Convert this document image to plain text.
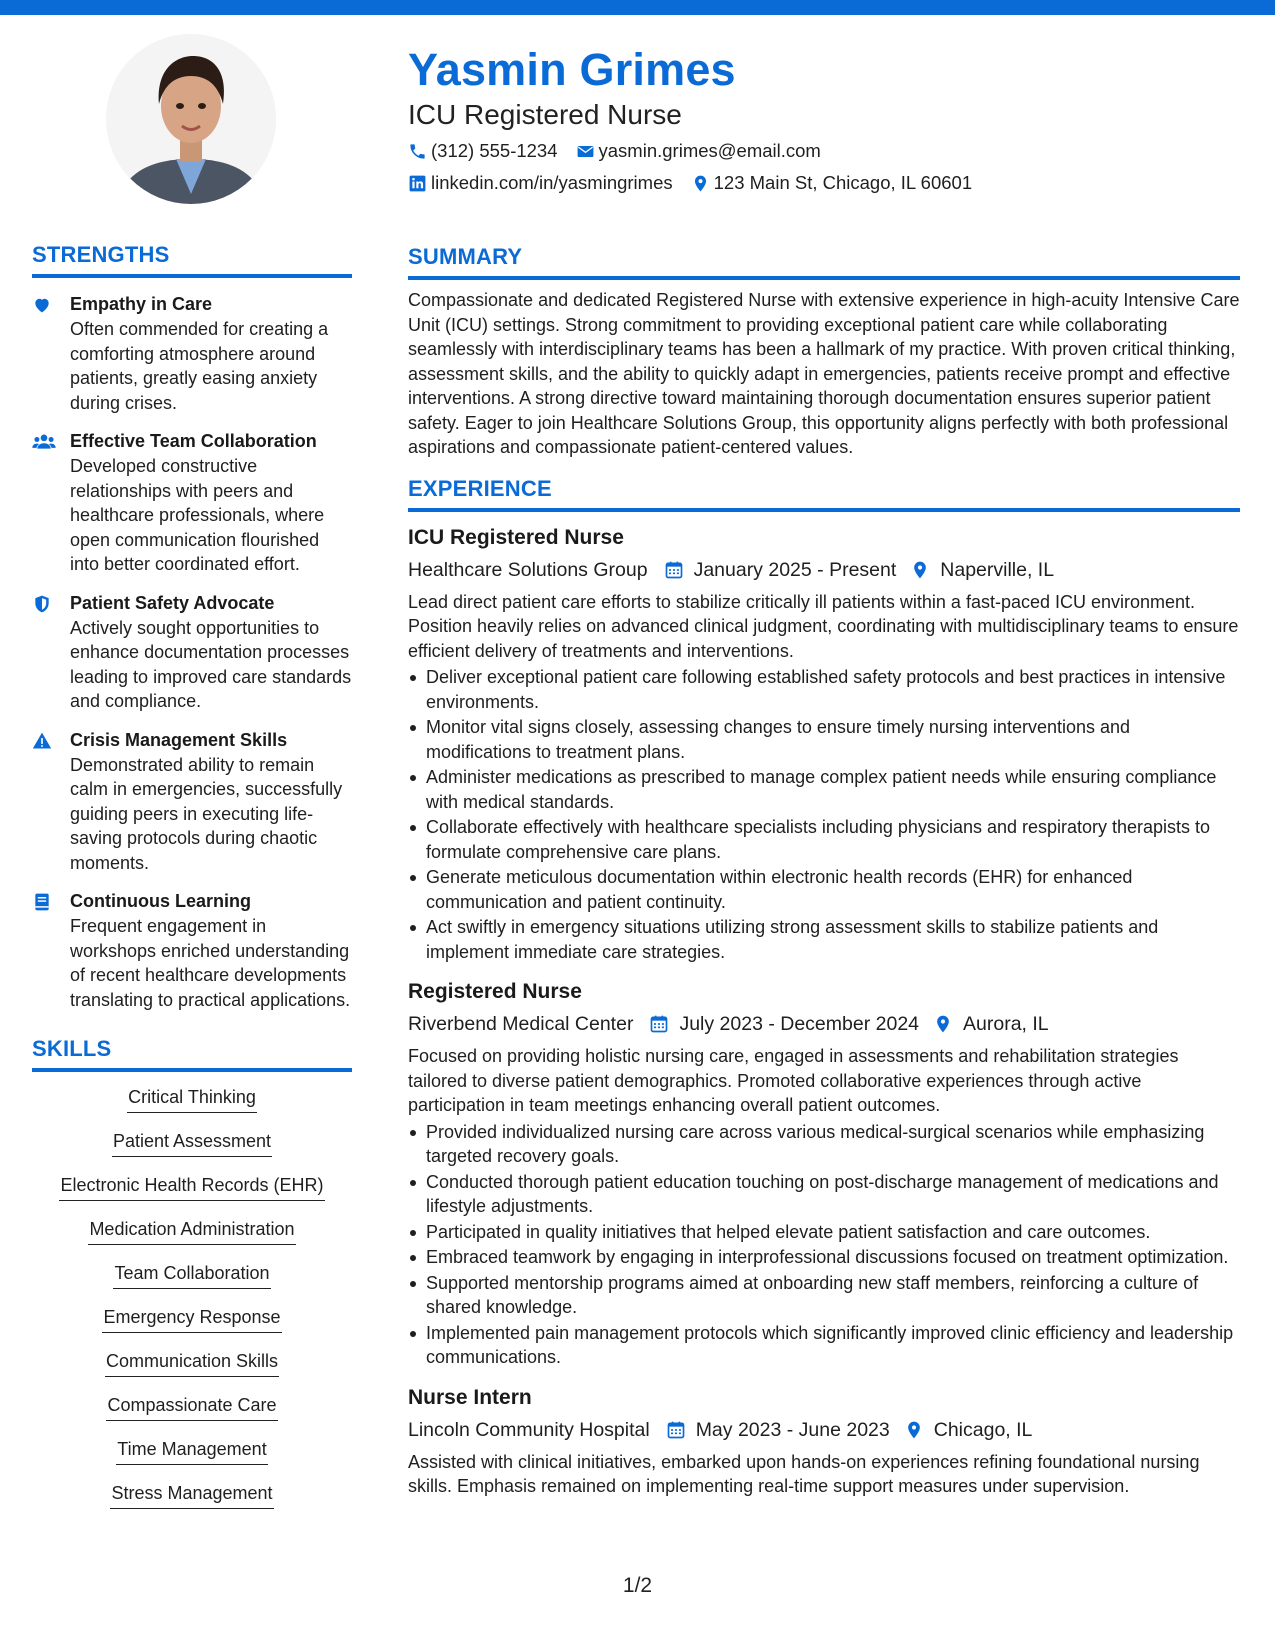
STRENGTHS
Empathy in Care
Often commended for creating a comforting atmosphere around patients, greatly easing anxiety during crises.
Effective Team Collaboration
Developed constructive relationships with peers and healthcare professionals, where open communication flourished into better coordinated effort.
Patient Safety Advocate
Actively sought opportunities to enhance documentation processes leading to improved care standards and compliance.
Crisis Management Skills
Demonstrated ability to remain calm in emergencies, successfully guiding peers in executing life-saving protocols during chaotic moments.
Continuous Learning
Frequent engagement in workshops enriched understanding of recent healthcare developments translating to practical applications.
SKILLS
Critical Thinking
Patient Assessment
Electronic Health Records (EHR)
Medication Administration
Team Collaboration
Emergency Response
Communication Skills
Compassionate Care
Time Management
Stress Management
Yasmin Grimes
ICU Registered Nurse
(312) 555-1234 yasmin.grimes@email.com
linkedin.com/in/yasmingrimes 123 Main St, Chicago, IL 60601
SUMMARY
Compassionate and dedicated Registered Nurse with extensive experience in high-acuity Intensive Care Unit (ICU) settings. Strong commitment to providing exceptional patient care while collaborating seamlessly with interdisciplinary teams has been a hallmark of my practice. With proven critical thinking, assessment skills, and the ability to quickly adapt in emergencies, patients receive prompt and effective interventions. A strong directive toward maintaining thorough documentation ensures superior patient safety. Eager to join Healthcare Solutions Group, this opportunity aligns perfectly with both professional aspirations and compassionate patient-centered values.
EXPERIENCE
ICU Registered Nurse
Healthcare Solutions Group January 2025 - Present Naperville, IL
Lead direct patient care efforts to stabilize critically ill patients within a fast-paced ICU environment. Position heavily relies on advanced clinical judgment, coordinating with multidisciplinary teams to ensure efficient delivery of treatments and interventions.
Deliver exceptional patient care following established safety protocols and best practices in intensive environments.
Monitor vital signs closely, assessing changes to ensure timely nursing interventions and modifications to treatment plans.
Administer medications as prescribed to manage complex patient needs while ensuring compliance with medical standards.
Collaborate effectively with healthcare specialists including physicians and respiratory therapists to formulate comprehensive care plans.
Generate meticulous documentation within electronic health records (EHR) for enhanced communication and patient continuity.
Act swiftly in emergency situations utilizing strong assessment skills to stabilize patients and implement immediate care strategies.
Registered Nurse
Riverbend Medical Center July 2023 - December 2024 Aurora, IL
Focused on providing holistic nursing care, engaged in assessments and rehabilitation strategies tailored to diverse patient demographics. Promoted collaborative experiences through active participation in team meetings enhancing overall patient outcomes.
Provided individualized nursing care across various medical-surgical scenarios while emphasizing targeted recovery goals.
Conducted thorough patient education touching on post-discharge management of medications and lifestyle adjustments.
Participated in quality initiatives that helped elevate patient satisfaction and care outcomes.
Embraced teamwork by engaging in interprofessional discussions focused on treatment optimization.
Supported mentorship programs aimed at onboarding new staff members, reinforcing a culture of shared knowledge.
Implemented pain management protocols which significantly improved clinic efficiency and leadership communications.
Nurse Intern
Lincoln Community Hospital May 2023 - June 2023 Chicago, IL
Assisted with clinical initiatives, embarked upon hands-on experiences refining foundational nursing skills. Emphasis remained on implementing real-time support measures under supervision.
1/2
